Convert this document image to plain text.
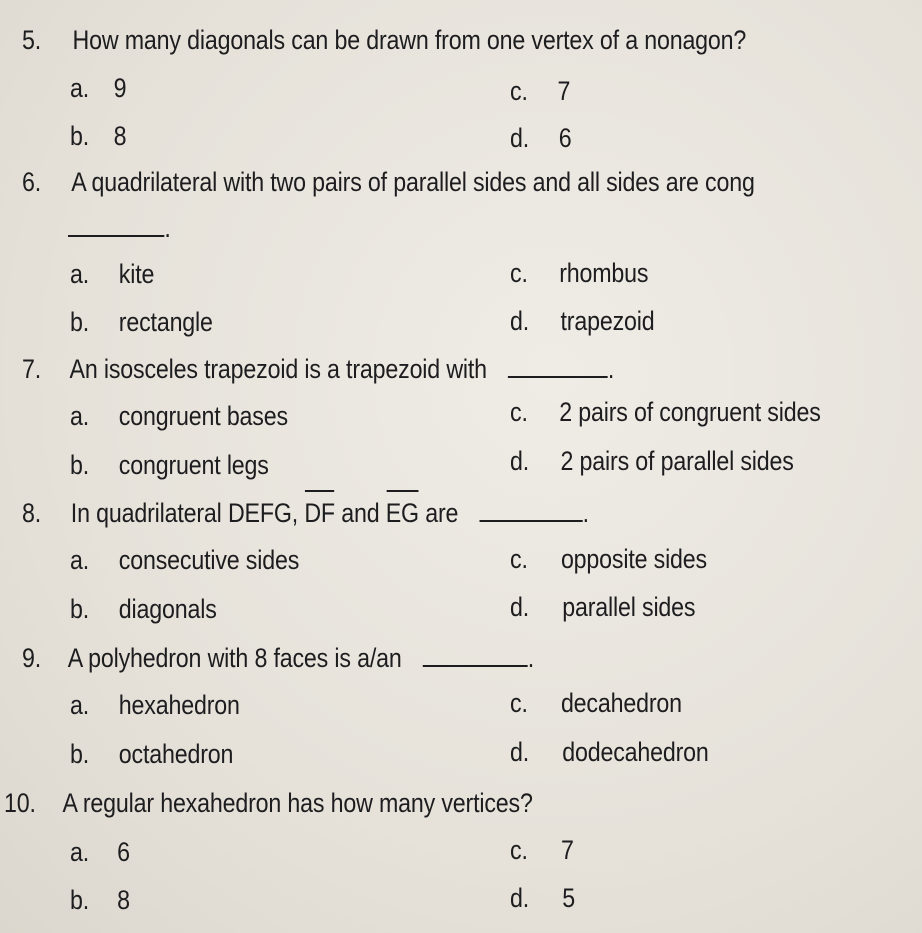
5. How many diagonals can be drawn from one vertex of a nonagon?
a. 9
b. 8
c. 7
d. 6
6. A quadrilateral with two pairs of parallel sides and all sides are cong
.
a. kite
b. rectangle
c. rhombus
d. trapezoid
7. An isosceles trapezoid is a trapezoid with	.
a. congruent bases
b. congruent legs
c. 2 pairs of congruent sides
d. 2 pairs of parallel sides
8. In quadrilateral DEFG, DF and EG are	.
a. consecutive sides
b. diagonals
c. opposite sides
d. parallel sides
9. A polyhedron with 8 faces is a/an	.
a. hexahedron
b. octahedron
c. decahedron
d. dodecahedron
10. A regular hexahedron has how many vertices?
a. 6
b. 8
c. 7
d. 5
